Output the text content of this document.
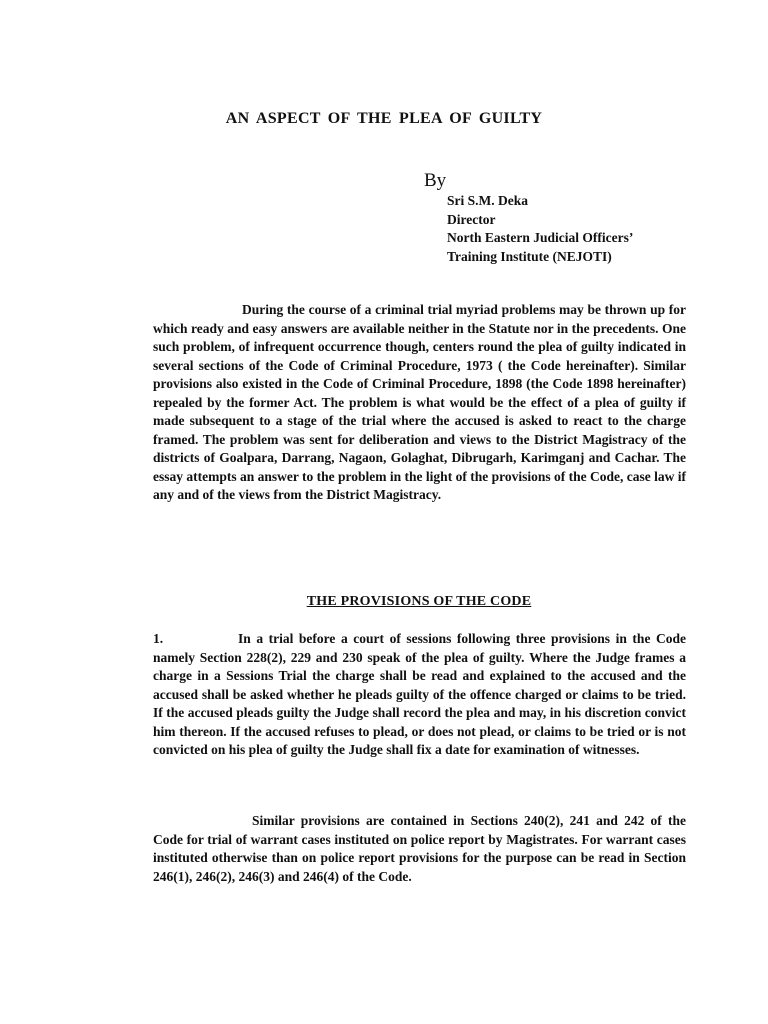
AN ASPECT OF THE PLEA OF GUILTY
By
Sri S.M. Deka
Director
North Eastern Judicial Officers’
Training Institute (NEJOTI)

During the course of a criminal trial myriad problems may be thrown up for which ready and easy answers are available neither in the Statute nor in the precedents. One such problem, of infrequent occurrence though, centers round the plea of guilty indicated in several sections of the Code of Criminal Procedure, 1973 ( the Code hereinafter). Similar provisions also existed in the Code of Criminal Procedure, 1898 (the Code 1898 hereinafter) repealed by the former Act. The problem is what would be the effect of a plea of guilty if made subsequent to a stage of the trial where the accused is asked to react to the charge framed. The problem was sent for deliberation and views to the District Magistracy of the districts of Goalpara, Darrang, Nagaon, Golaghat, Dibrugarh, Karimganj and Cachar. The essay attempts an answer to the problem in the light of the provisions of the Code, case law if any and of the views from the District Magistracy.

THE PROVISIONS OF THE CODE

1.	In a trial before a court of sessions following three provisions in the Code namely Section 228(2), 229 and 230 speak of the plea of guilty. Where the Judge frames a charge in a Sessions Trial the charge shall be read and explained to the accused and the accused shall be asked whether he pleads guilty of the offence charged or claims to be tried. If the accused pleads guilty the Judge shall record the plea and may, in his discretion convict him thereon. If the accused refuses to plead, or does not plead, or claims to be tried or is not convicted on his plea of guilty the Judge shall fix a date for examination of witnesses.

Similar provisions are contained in Sections 240(2), 241 and 242 of the Code for trial of warrant cases instituted on police report by Magistrates. For warrant cases instituted otherwise than on police report provisions for the purpose can be read in Section 246(1), 246(2), 246(3) and 246(4) of the Code.
